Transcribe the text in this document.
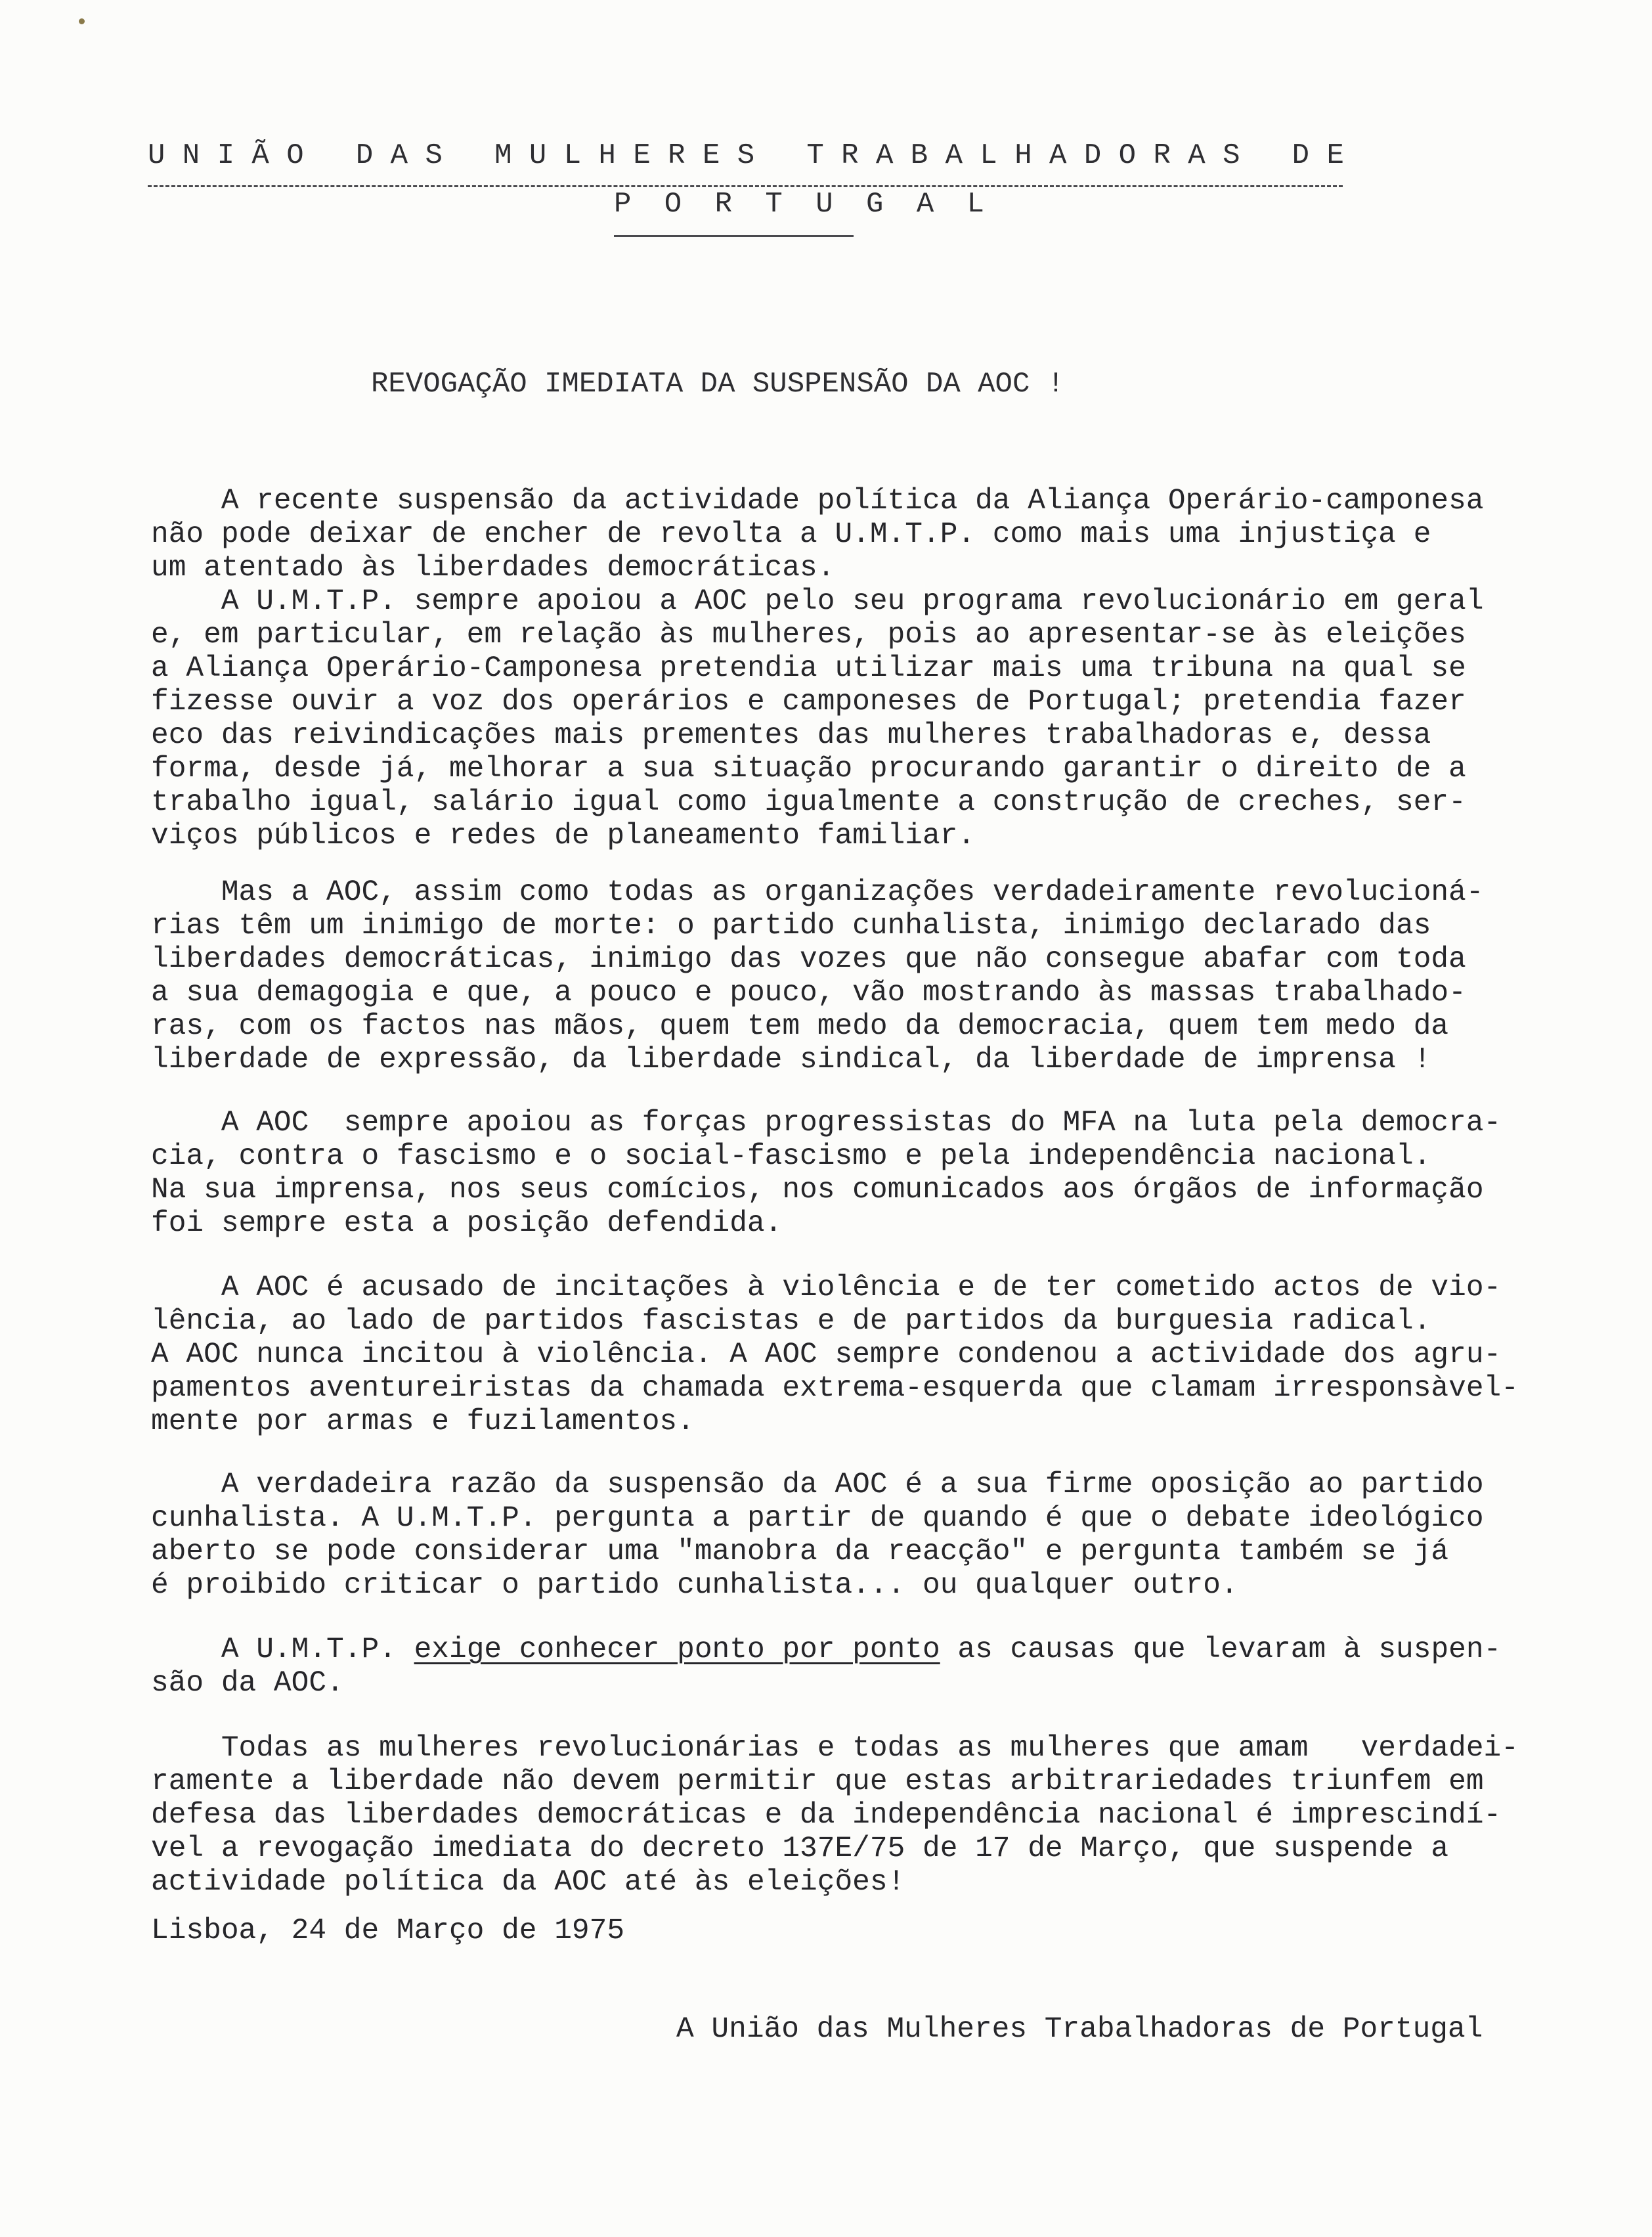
U N I Ã O   D A S   M U L H E R E S   T R A B A L H A D O R A S   D E
P O R T U G A L
REVOGAÇÃO IMEDIATA DA SUSPENSÃO DA AOC !
A recente suspensão da actividade política da Aliança Operário-camponesa
não pode deixar de encher de revolta a U.M.T.P. como mais uma injustiça e
um atentado às liberdades democráticas.
A U.M.T.P. sempre apoiou a AOC pelo seu programa revolucionário em geral
e, em particular, em relação às mulheres, pois ao apresentar-se às eleições
a Aliança Operário-Camponesa pretendia utilizar mais uma tribuna na qual se
fizesse ouvir a voz dos operários e camponeses de Portugal; pretendia fazer
eco das reivindicações mais prementes das mulheres trabalhadoras e, dessa
forma, desde já, melhorar a sua situação procurando garantir o direito de a
trabalho igual, salário igual como igualmente a construção de creches, ser-
viços públicos e redes de planeamento familiar.
Mas a AOC, assim como todas as organizações verdadeiramente revolucioná-
rias têm um inimigo de morte: o partido cunhalista, inimigo declarado das
liberdades democráticas, inimigo das vozes que não consegue abafar com toda
a sua demagogia e que, a pouco e pouco, vão mostrando às massas trabalhado-
ras, com os factos nas mãos, quem tem medo da democracia, quem tem medo da
liberdade de expressão, da liberdade sindical, da liberdade de imprensa !
A AOC  sempre apoiou as forças progressistas do MFA na luta pela democra-
cia, contra o fascismo e o social-fascismo e pela independência nacional.
Na sua imprensa, nos seus comícios, nos comunicados aos órgãos de informação
foi sempre esta a posição defendida.
A AOC é acusado de incitações à violência e de ter cometido actos de vio-
lência, ao lado de partidos fascistas e de partidos da burguesia radical.
A AOC nunca incitou à violência. A AOC sempre condenou a actividade dos agru-
pamentos aventureiristas da chamada extrema-esquerda que clamam irresponsàvel-
mente por armas e fuzilamentos.
A verdadeira razão da suspensão da AOC é a sua firme oposição ao partido
cunhalista. A U.M.T.P. pergunta a partir de quando é que o debate ideológico
aberto se pode considerar uma "manobra da reacção" e pergunta também se já
é proibido criticar o partido cunhalista... ou qualquer outro.
A U.M.T.P. exige conhecer ponto por ponto as causas que levaram à suspen-
são da AOC.
Todas as mulheres revolucionárias e todas as mulheres que amam   verdadei-
ramente a liberdade não devem permitir que estas arbitrariedades triunfem em
defesa das liberdades democráticas e da independência nacional é imprescindí-
vel a revogação imediata do decreto 137E/75 de 17 de Março, que suspende a
actividade política da AOC até às eleições!
Lisboa, 24 de Março de 1975
A União das Mulheres Trabalhadoras de Portugal
